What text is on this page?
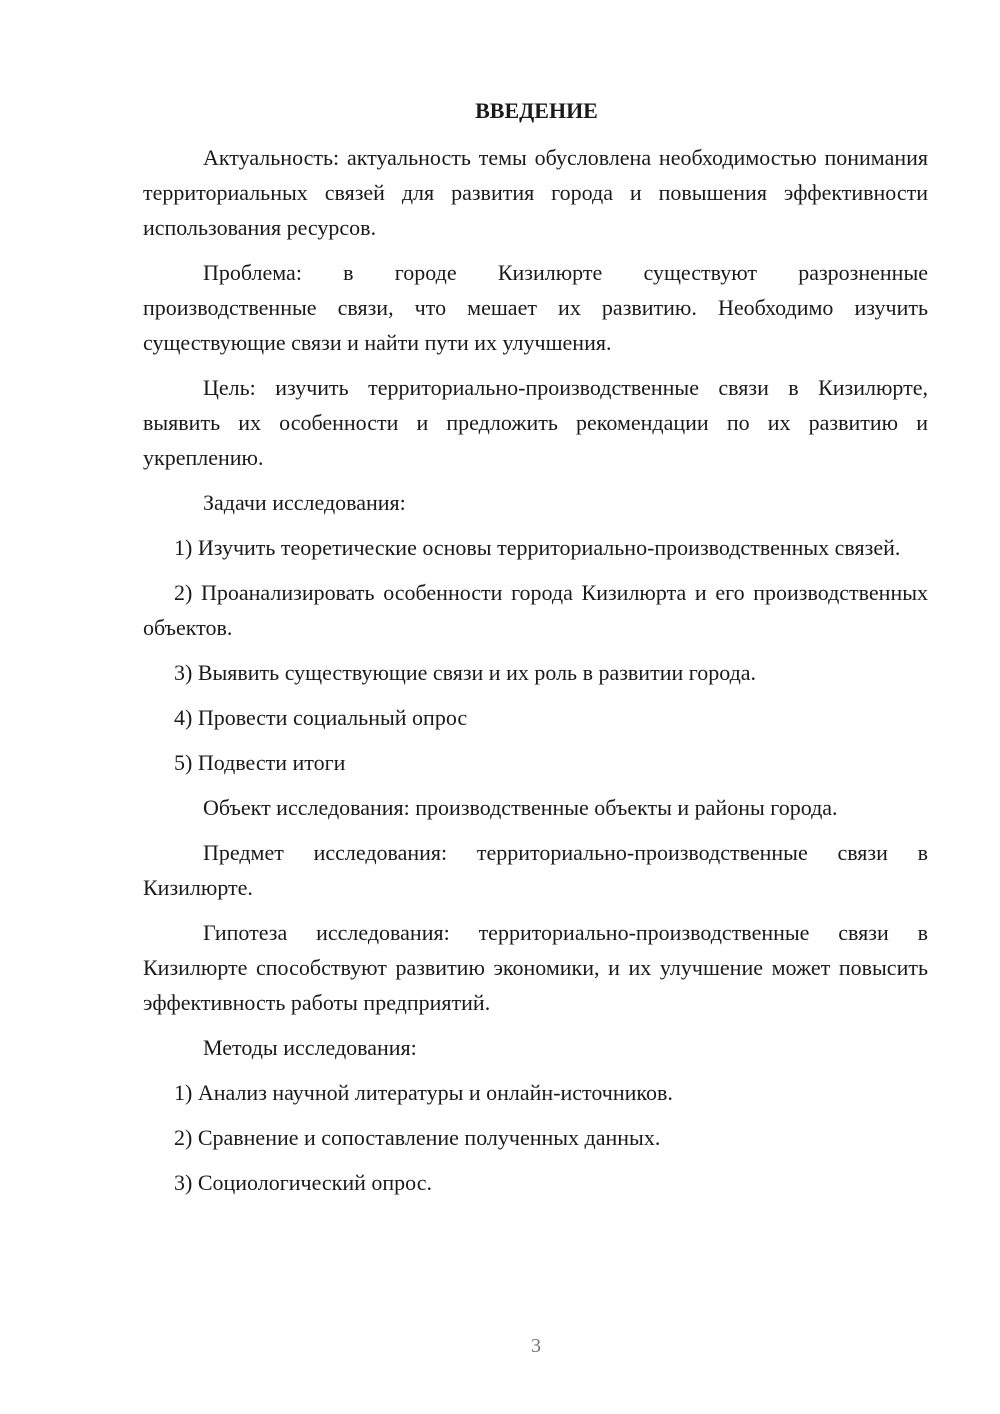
ВВЕДЕНИЕ

Актуальность: актуальность темы обусловлена необходимостью понимания территориальных связей для развития города и повышения эффективности использования ресурсов.

Проблема: в городе Кизилюрте существуют разрозненные производственные связи, что мешает их развитию. Необходимо изучить существующие связи и найти пути их улучшения.

Цель: изучить территориально-производственные связи в Кизилюрте, выявить их особенности и предложить рекомендации по их развитию и укреплению.

Задачи исследования:

1) Изучить теоретические основы территориально-производственных связей.

2) Проанализировать особенности города Кизилюрта и его производственных объектов.

3) Выявить существующие связи и их роль в развитии города.

4) Провести социальный опрос

5) Подвести итоги

Объект исследования: производственные объекты и районы города.

Предмет исследования: территориально-производственные связи в Кизилюрте.

Гипотеза исследования: территориально-производственные связи в Кизилюрте способствуют развитию экономики, и их улучшение может повысить эффективность работы предприятий.

Методы исследования:

1) Анализ научной литературы и онлайн-источников.

2) Сравнение и сопоставление полученных данных.

3) Социологический опрос.

3
